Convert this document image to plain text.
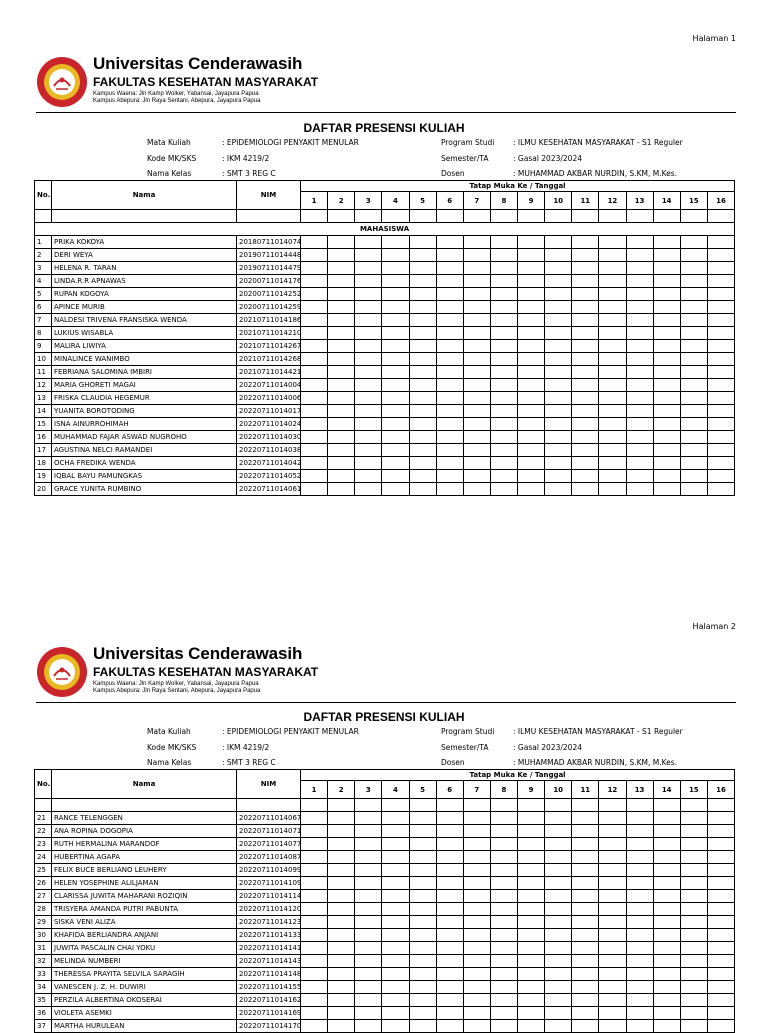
Halaman 1
Universitas Cenderawasih
FAKULTAS KESEHATAN MASYARAKAT
Kampus Waena: Jln Kamp Wolker, Yabansai, Jayapura Papua
Kampus Abepura: Jln Raya Sentani, Abepura, Jayapura Papua
DAFTAR PRESENSI KULIAH
Mata Kuliah	: EPIDEMIOLOGI PENYAKIT MENULAR	Program Studi : ILMU KESEHATAN MASYARAKAT - S1 Reguler
Kode MK/SKS	: IKM 4219/2	Semester/TA	: Gasal 2023/2024
Nama Kelas	: SMT 3 REG C	Dosen	: MUHAMMAD AKBAR NURDIN, S.KM, M.Kes.
No.	Nama	NIM	Tatap Muka Ke / Tanggal															
			1	2	3	4	5	6	7	8	9	10	11	12	13	14	15	16

MAHASISWA																		
1	PRIKA KOKOYA	20180711014074																
2	DERI WEYA	20190711014448																
3	HELENA R. TARAN	20190711014479																
4	LINDA.R.R APNAWAS	20200711014176																
5	RUPAN KOGOYA	20200711014252																
6	APINCE MURIB	20200711014259																
7	NALDESI TRIVENA FRANSISKA WENDA	20210711014186																
8	LUKIUS WISABLA	20210711014210																
9	MALIRA LIWIYA	20210711014267																
10	MINALINCE WANIMBO	20210711014268																
11	FEBRIANA SALOMINA IMBIRI	20210711014421																
12	MARIA GHORETI MAGAI	20220711014004																
13	FRISKA CLAUDIA HEGEMUR	20220711014006																
14	YUANITA BOROTODING	20220711014017																
15	ISNA AINURROHIMAH	20220711014024																
16	MUHAMMAD FAJAR ASWAD NUGROHO	20220711014030																
17	AGUSTINA NELCI RAMANDEI	20220711014038																
18	OCHA FREDIKA WENDA	20220711014042																
19	IQBAL BAYU PAMUNGKAS	20220711014052																
20	GRACE YUNITA RUMBINO	20220711014061																
Halaman 2
Universitas Cenderawasih
FAKULTAS KESEHATAN MASYARAKAT
Kampus Waena: Jln Kamp Wolker, Yabansai, Jayapura Papua
Kampus Abepura: Jln Raya Sentani, Abepura, Jayapura Papua
DAFTAR PRESENSI KULIAH
Mata Kuliah	: EPIDEMIOLOGI PENYAKIT MENULAR	Program Studi : ILMU KESEHATAN MASYARAKAT - S1 Reguler
Kode MK/SKS	: IKM 4219/2	Semester/TA	: Gasal 2023/2024
Nama Kelas	: SMT 3 REG C	Dosen	: MUHAMMAD AKBAR NURDIN, S.KM, M.Kes.
No.	Nama	NIM	Tatap Muka Ke / Tanggal															
			1	2	3	4	5	6	7	8	9	10	11	12	13	14	15	16

21	RANCE TELENGGEN	20220711014067																
22	ANA ROPINA DOGOPIA	20220711014071																
23	RUTH HERMALINA MARANDOF	20220711014077																
24	HUBERTINA AGAPA	20220711014087																
25	FELIX BUCE BERLIANO LEUHERY	20220711014099																
26	HELEN YOSEPHINE ALILJAMAN	20220711014109																
27	CLARISSA JUWITA MAHARANI ROZIQIN	20220711014114																
28	TRISYERA AMANDA PUTRI PABUNTA	20220711014120																
29	SISKA VENI ALIZA	20220711014123																
30	KHAFIDA BERLIANDRA ANJANI	20220711014133																
31	JUWITA PASCALIN CHAI YOKU	20220711014141																
32	MELINDA NUMBERI	20220711014143																
33	THERESSA PRAYITA SELVILA SARAGIH	20220711014148																
34	VANESCEN J. Z. H. DUWIRI	20220711014155																
35	PERZILA ALBERTINA OKOSERAI	20220711014162																
36	VIOLETA ASEMKI	20220711014169																
37	MARTHA HURULEAN	20220711014170																
